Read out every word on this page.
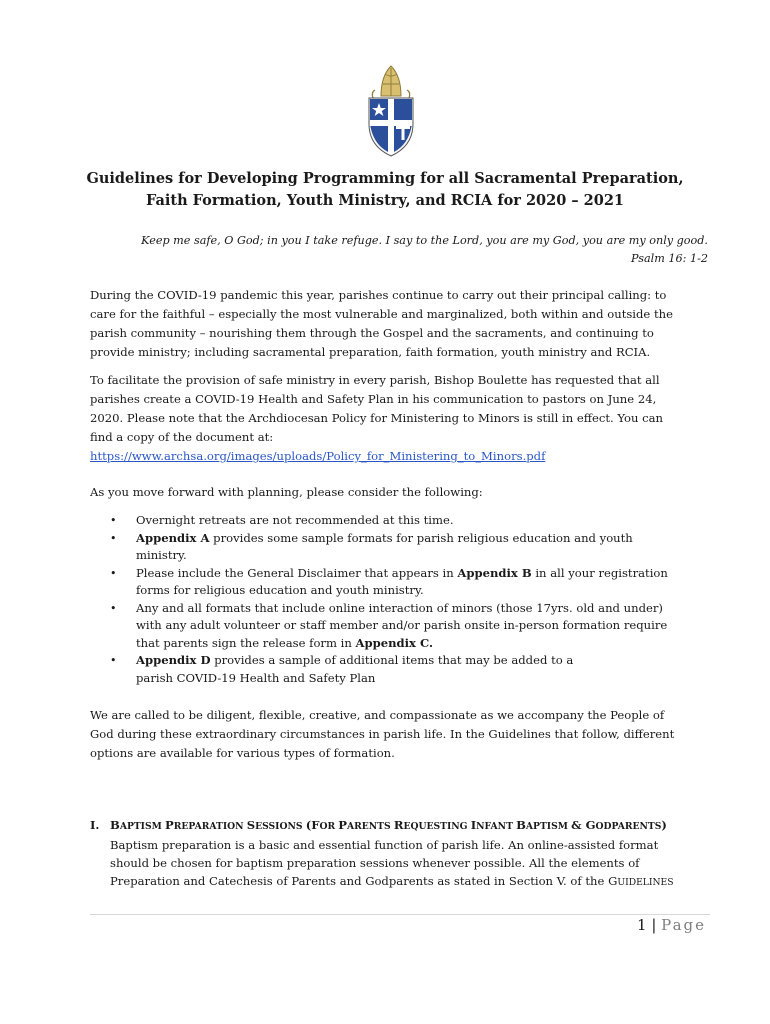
Guidelines for Developing Programming for all Sacramental Preparation,
Faith Formation, Youth Ministry, and RCIA for 2020 – 2021
Keep me safe, O God; in you I take refuge. I say to the Lord, you are my God, you are my only good.
Psalm 16: 1-2
During the COVID-19 pandemic this year, parishes continue to carry out their principal calling: to
care for the faithful – especially the most vulnerable and marginalized, both within and outside the
parish community – nourishing them through the Gospel and the sacraments, and continuing to
provide ministry; including sacramental preparation, faith formation, youth ministry and RCIA.
To facilitate the provision of safe ministry in every parish, Bishop Boulette has requested that all
parishes create a COVID-19 Health and Safety Plan in his communication to pastors on June 24,
2020. Please note that the Archdiocesan Policy for Ministering to Minors is still in effect. You can
find a copy of the document at:
https://www.archsa.org/images/uploads/Policy_for_Ministering_to_Minors.pdf
As you move forward with planning, please consider the following:
• Overnight retreats are not recommended at this time.
• Appendix A provides some sample formats for parish religious education and youth
ministry.
• Please include the General Disclaimer that appears in Appendix B in all your registration
forms for religious education and youth ministry.
• Any and all formats that include online interaction of minors (those 17yrs. old and under)
with any adult volunteer or staff member and/or parish onsite in-person formation require
that parents sign the release form in Appendix C.
• Appendix D provides a sample of additional items that may be added to a
parish COVID-19 Health and Safety Plan
We are called to be diligent, flexible, creative, and compassionate as we accompany the People of
God during these extraordinary circumstances in parish life. In the Guidelines that follow, different
options are available for various types of formation.
I. BAPTISM PREPARATION SESSIONS (FOR PARENTS REQUESTING INFANT BAPTISM & GODPARENTS)
Baptism preparation is a basic and essential function of parish life. An online-assisted format
should be chosen for baptism preparation sessions whenever possible. All the elements of
Preparation and Catechesis of Parents and Godparents as stated in Section V. of the GUIDELINES
1 | Page
